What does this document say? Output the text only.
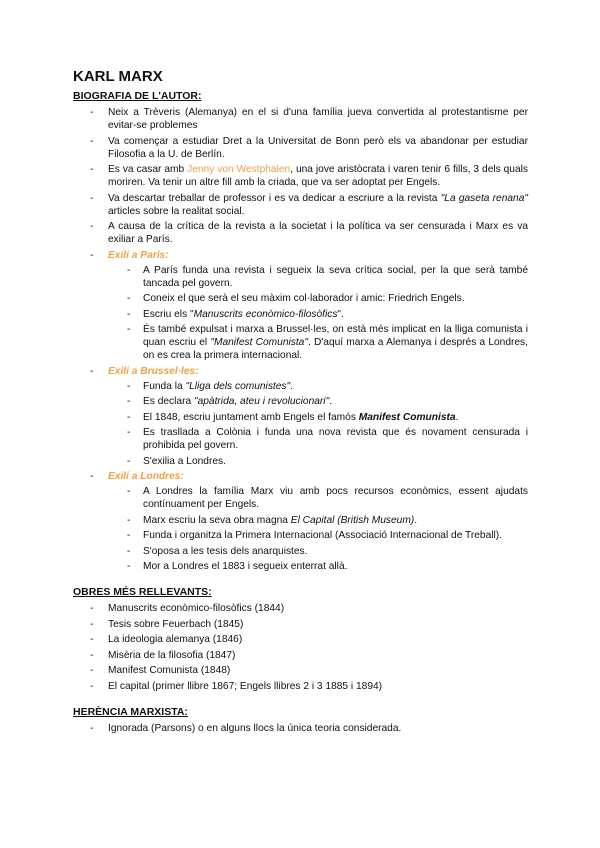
KARL MARX
BIOGRAFIA DE L'AUTOR:
- Neix a Trèveris (Alemanya) en el si d'una família jueva convertida al protestantisme per evitar-se problemes
- Va començar a estudiar Dret a la Universitat de Bonn però els va abandonar per estudiar Filosofia a la U. de Berlín.
- Es va casar amb Jenny von Westphalen, una jove aristòcrata i varen tenir 6 fills, 3 dels quals moriren. Va tenir un altre fill amb la criada, que va ser adoptat per Engels.
- Va descartar treballar de professor i es va dedicar a escriure a la revista "La gaseta renana" articles sobre la realitat social.
- A causa de la crítica de la revista a la societat i la política va ser censurada i Marx es va exiliar a París.
- Exili a París:
- A París funda una revista i segueix la seva crítica social, per la que serà també tancada pel govern.
- Coneix el que serà el seu màxim col·laborador i amic: Friedrich Engels.
- Escriu els "Manuscrits econòmico-filosòfics".
- És també expulsat i marxa a Brussel·les, on està més implicat en la lliga comunista i quan escriu el "Manifest Comunista". D'aquí marxa a Alemanya i després a Londres, on es crea la primera internacional.
- Exili a Brussel·les:
- Funda la "Lliga dels comunistes".
- Es declara "apàtrida, ateu i revolucionari".
- El 1848, escriu juntament amb Engels el famós Manifest Comunista.
- Es trasllada a Colònia i funda una nova revista que és novament censurada i prohibida pel govern.
- S'exilia a Londres.
- Exili a Londres:
- A Londres la família Marx viu amb pocs recursos econòmics, essent ajudats contínuament per Engels.
- Marx escriu la seva obra magna El Capital (British Museum).
- Funda i organitza la Primera Internacional (Associació Internacional de Treball).
- S'oposa a les tesis dels anarquistes.
- Mor a Londres el 1883 i segueix enterrat allà.
OBRES MÉS RELLEVANTS:
- Manuscrits econòmico-filosòfics (1844)
- Tesis sobre Feuerbach (1845)
- La ideologia alemanya (1846)
- Misèria de la filosofia (1847)
- Manifest Comunista (1848)
- El capital (primer llibre 1867; Engels llibres 2 i 3 1885 i 1894)
HERÈNCIA MARXISTA:
- Ignorada (Parsons) o en alguns llocs la única teoria considerada.
